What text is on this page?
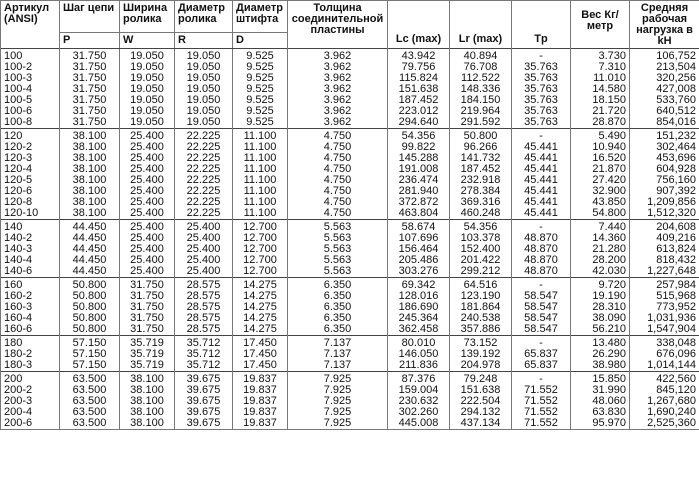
Артикул (ANSI)	Шаг цепи	Ширина ролика	Диаметр ролика	Диаметр штифта	Толщина соединительной пластины	Lc (max)	Lr (max)	Tp	Вес Кг/метр	Средняя рабочая нагрузка в kH
	P	W	R	D						
100	31.750	19.050	19.050	9.525	3.962	43.942	40.894	-	3.730	106,752
100-2	31.750	19.050	19.050	9.525	3.962	79.756	76.708	35.763	7.310	213,504
100-3	31.750	19.050	19.050	9.525	3.962	115.824	112.522	35.763	11.010	320,256
100-4	31.750	19.050	19.050	9.525	3.962	151.638	148.336	35.763	14.580	427,008
100-5	31.750	19.050	19.050	9.525	3.962	187.452	184.150	35.763	18.150	533,760
100-6	31.750	19.050	19.050	9.525	3.962	223.012	219.964	35.763	21.720	640,512
100-8	31.750	19.050	19.050	9.525	3.962	294.640	291.592	35.763	28.870	854,016
120	38.100	25.400	22.225	11.100	4.750	54.356	50.800	-	5.490	151,232
120-2	38.100	25.400	22.225	11.100	4.750	99.822	96.266	45.441	10.940	302,464
120-3	38.100	25.400	22.225	11.100	4.750	145.288	141.732	45.441	16.520	453,696
120-4	38.100	25.400	22.225	11.100	4.750	191.008	187.452	45.441	21.870	604,928
120-5	38.100	25.400	22.225	11.100	4.750	236.474	232.918	45.441	27.420	756,160
120-6	38.100	25.400	22.225	11.100	4.750	281.940	278.384	45.441	32.900	907,392
120-8	38.100	25.400	22.225	11.100	4.750	372.872	369.316	45.441	43.850	1,209,856
120-10	38.100	25.400	22.225	11.100	4.750	463.804	460.248	45.441	54.800	1,512,320
140	44.450	25.400	25.400	12.700	5.563	58.674	54.356	-	7.440	204,608
140-2	44.450	25.400	25.400	12.700	5.563	107.696	103.378	48.870	14.360	409,216
140-3	44.450	25.400	25.400	12.700	5.563	156.464	152.400	48.870	21.280	613,824
140-4	44.450	25.400	25.400	12.700	5.563	205.486	201.422	48.870	28.200	818,432
140-6	44.450	25.400	25.400	12.700	5.563	303.276	299.212	48.870	42.030	1,227,648
160	50.800	31.750	28.575	14.275	6.350	69.342	64.516	-	9.720	257,984
160-2	50.800	31.750	28.575	14.275	6.350	128.016	123.190	58.547	19.190	515,968
160-3	50.800	31.750	28.575	14.275	6.350	186.690	181.864	58.547	28.310	773,952
160-4	50.800	31.750	28.575	14.275	6.350	245.364	240.538	58.547	38.090	1,031,936
160-6	50.800	31.750	28.575	14.275	6.350	362.458	357.886	58.547	56.210	1,547,904
180	57.150	35.719	35.712	17.450	7.137	80.010	73.152	-	13.480	338,048
180-2	57.150	35.719	35.712	17.450	7.137	146.050	139.192	65.837	26.290	676,096
180-3	57.150	35.719	35.712	17.450	7.137	211.836	204.978	65.837	38.980	1,014,144
200	63.500	38.100	39.675	19.837	7.925	87.376	79.248	-	15.850	422,560
200-2	63.500	38.100	39.675	19.837	7.925	159.004	151.638	71.552	31.990	845,120
200-3	63.500	38.100	39.675	19.837	7.925	230.632	222.504	71.552	48.060	1,267,680
200-4	63.500	38.100	39.675	19.837	7.925	302.260	294.132	71.552	63.830	1,690,240
200-6	63.500	38.100	39.675	19.837	7.925	445.008	437.134	71.552	95.970	2,525,360
